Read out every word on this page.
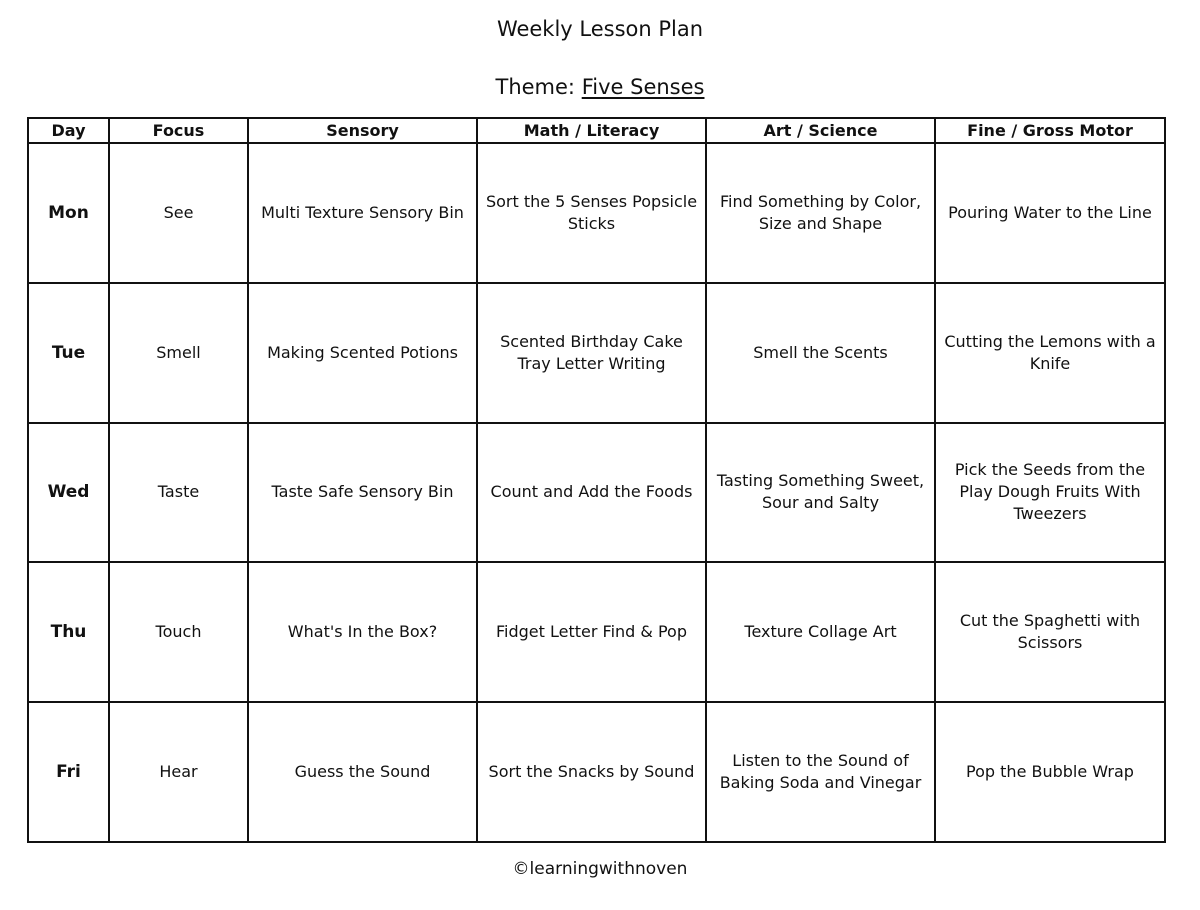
Weekly Lesson Plan
Theme: Five Senses
Day	Focus	Sensory	Math / Literacy	Art / Science	Fine / Gross Motor
Mon	See	Multi Texture Sensory Bin	Sort the 5 Senses Popsicle Sticks	Find Something by Color, Size and Shape	Pouring Water to the Line
Tue	Smell	Making Scented Potions	Scented Birthday Cake Tray Letter Writing	Smell the Scents	Cutting the Lemons with a Knife
Wed	Taste	Taste Safe Sensory Bin	Count and Add the Foods	Tasting Something Sweet, Sour and Salty	Pick the Seeds from the Play Dough Fruits With Tweezers
Thu	Touch	What's In the Box?	Fidget Letter Find & Pop	Texture Collage Art	Cut the Spaghetti with Scissors
Fri	Hear	Guess the Sound	Sort the Snacks by Sound	Listen to the Sound of Baking Soda and Vinegar	Pop the Bubble Wrap
©learningwithnoven
